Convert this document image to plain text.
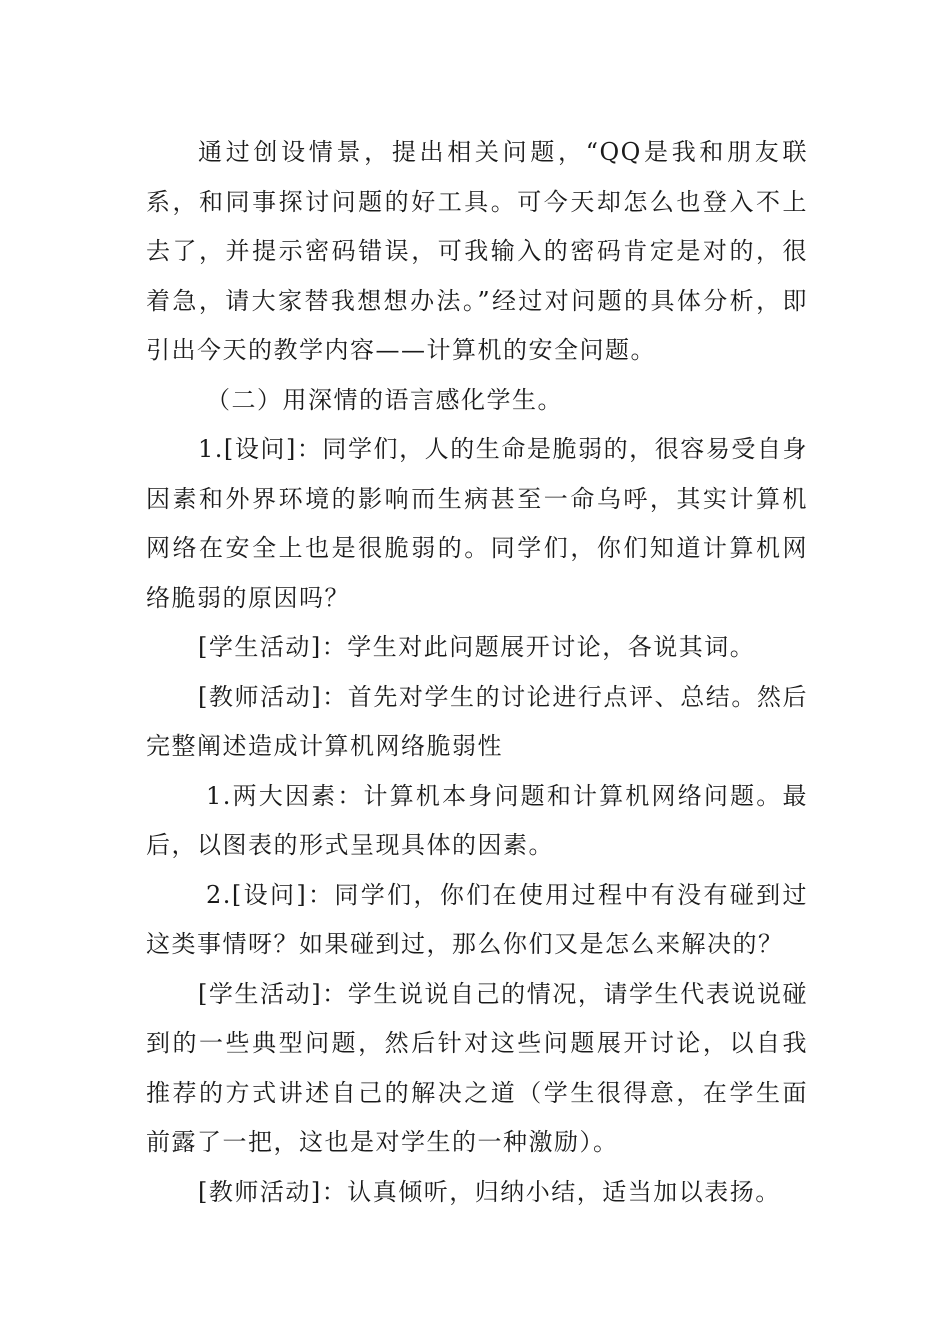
通过创设情景，提出相关问题，“QQ是我和朋友联系，和同事探讨问题的好工具。可今天却怎么也登入不上去了，并提示密码错误，可我输入的密码肯定是对的，很着急，请大家替我想想办法。”经过对问题的具体分析，即引出今天的教学内容——计算机的安全问题。

（二）用深情的语言感化学生。

1.[设问]：同学们，人的生命是脆弱的，很容易受自身因素和外界环境的影响而生病甚至一命乌呼，其实计算机网络在安全上也是很脆弱的。同学们，你们知道计算机网络脆弱的原因吗？

[学生活动]：学生对此问题展开讨论，各说其词。

[教师活动]：首先对学生的讨论进行点评、总结。然后完整阐述造成计算机网络脆弱性

1.两大因素：计算机本身问题和计算机网络问题。最后，以图表的形式呈现具体的因素。

2.[设问]：同学们，你们在使用过程中有没有碰到过这类事情呀？如果碰到过，那么你们又是怎么来解决的？

[学生活动]：学生说说自己的情况，请学生代表说说碰到的一些典型问题，然后针对这些问题展开讨论，以自我推荐的方式讲述自己的解决之道（学生很得意，在学生面前露了一把，这也是对学生的一种激励）。

[教师活动]：认真倾听，归纳小结，适当加以表扬。
